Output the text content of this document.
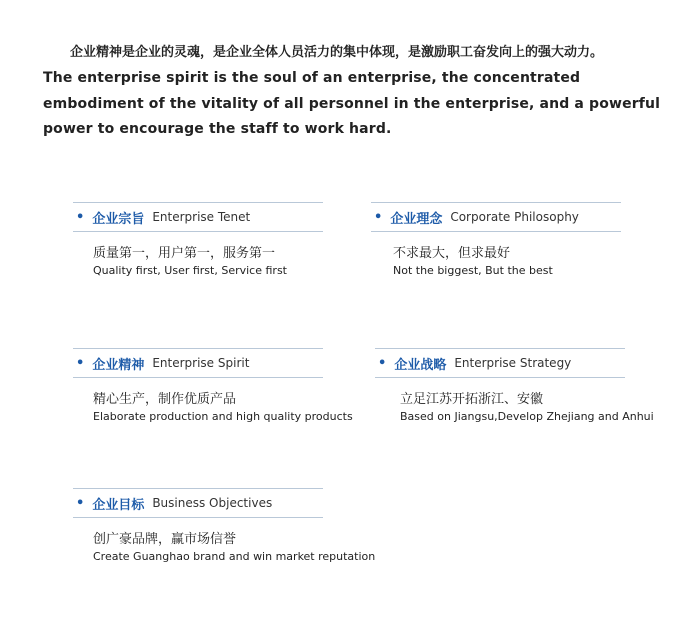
企业精神是企业的灵魂，是企业全体人员活力的集中体现，是激励职工奋发向上的强大动力。
The enterprise spirit is the soul of an enterprise, the concentrated embodiment of the vitality of all personnel in the enterprise, and a powerful power to encourage the staff to work hard.
• 企业宗旨 Enterprise Tenet
质量第一，用户第一，服务第一
Quality first, User first, Service first
• 企业理念 Corporate Philosophy
不求最大，但求最好
Not the biggest, But the best
• 企业精神 Enterprise Spirit
精心生产，制作优质产品
Elaborate production and high quality products
• 企业战略 Enterprise Strategy
立足江苏开拓浙江、安徽
Based on Jiangsu,Develop Zhejiang and Anhui
• 企业目标 Business Objectives
创广豪品牌，赢市场信誉
Create Guanghao brand and win market reputation
